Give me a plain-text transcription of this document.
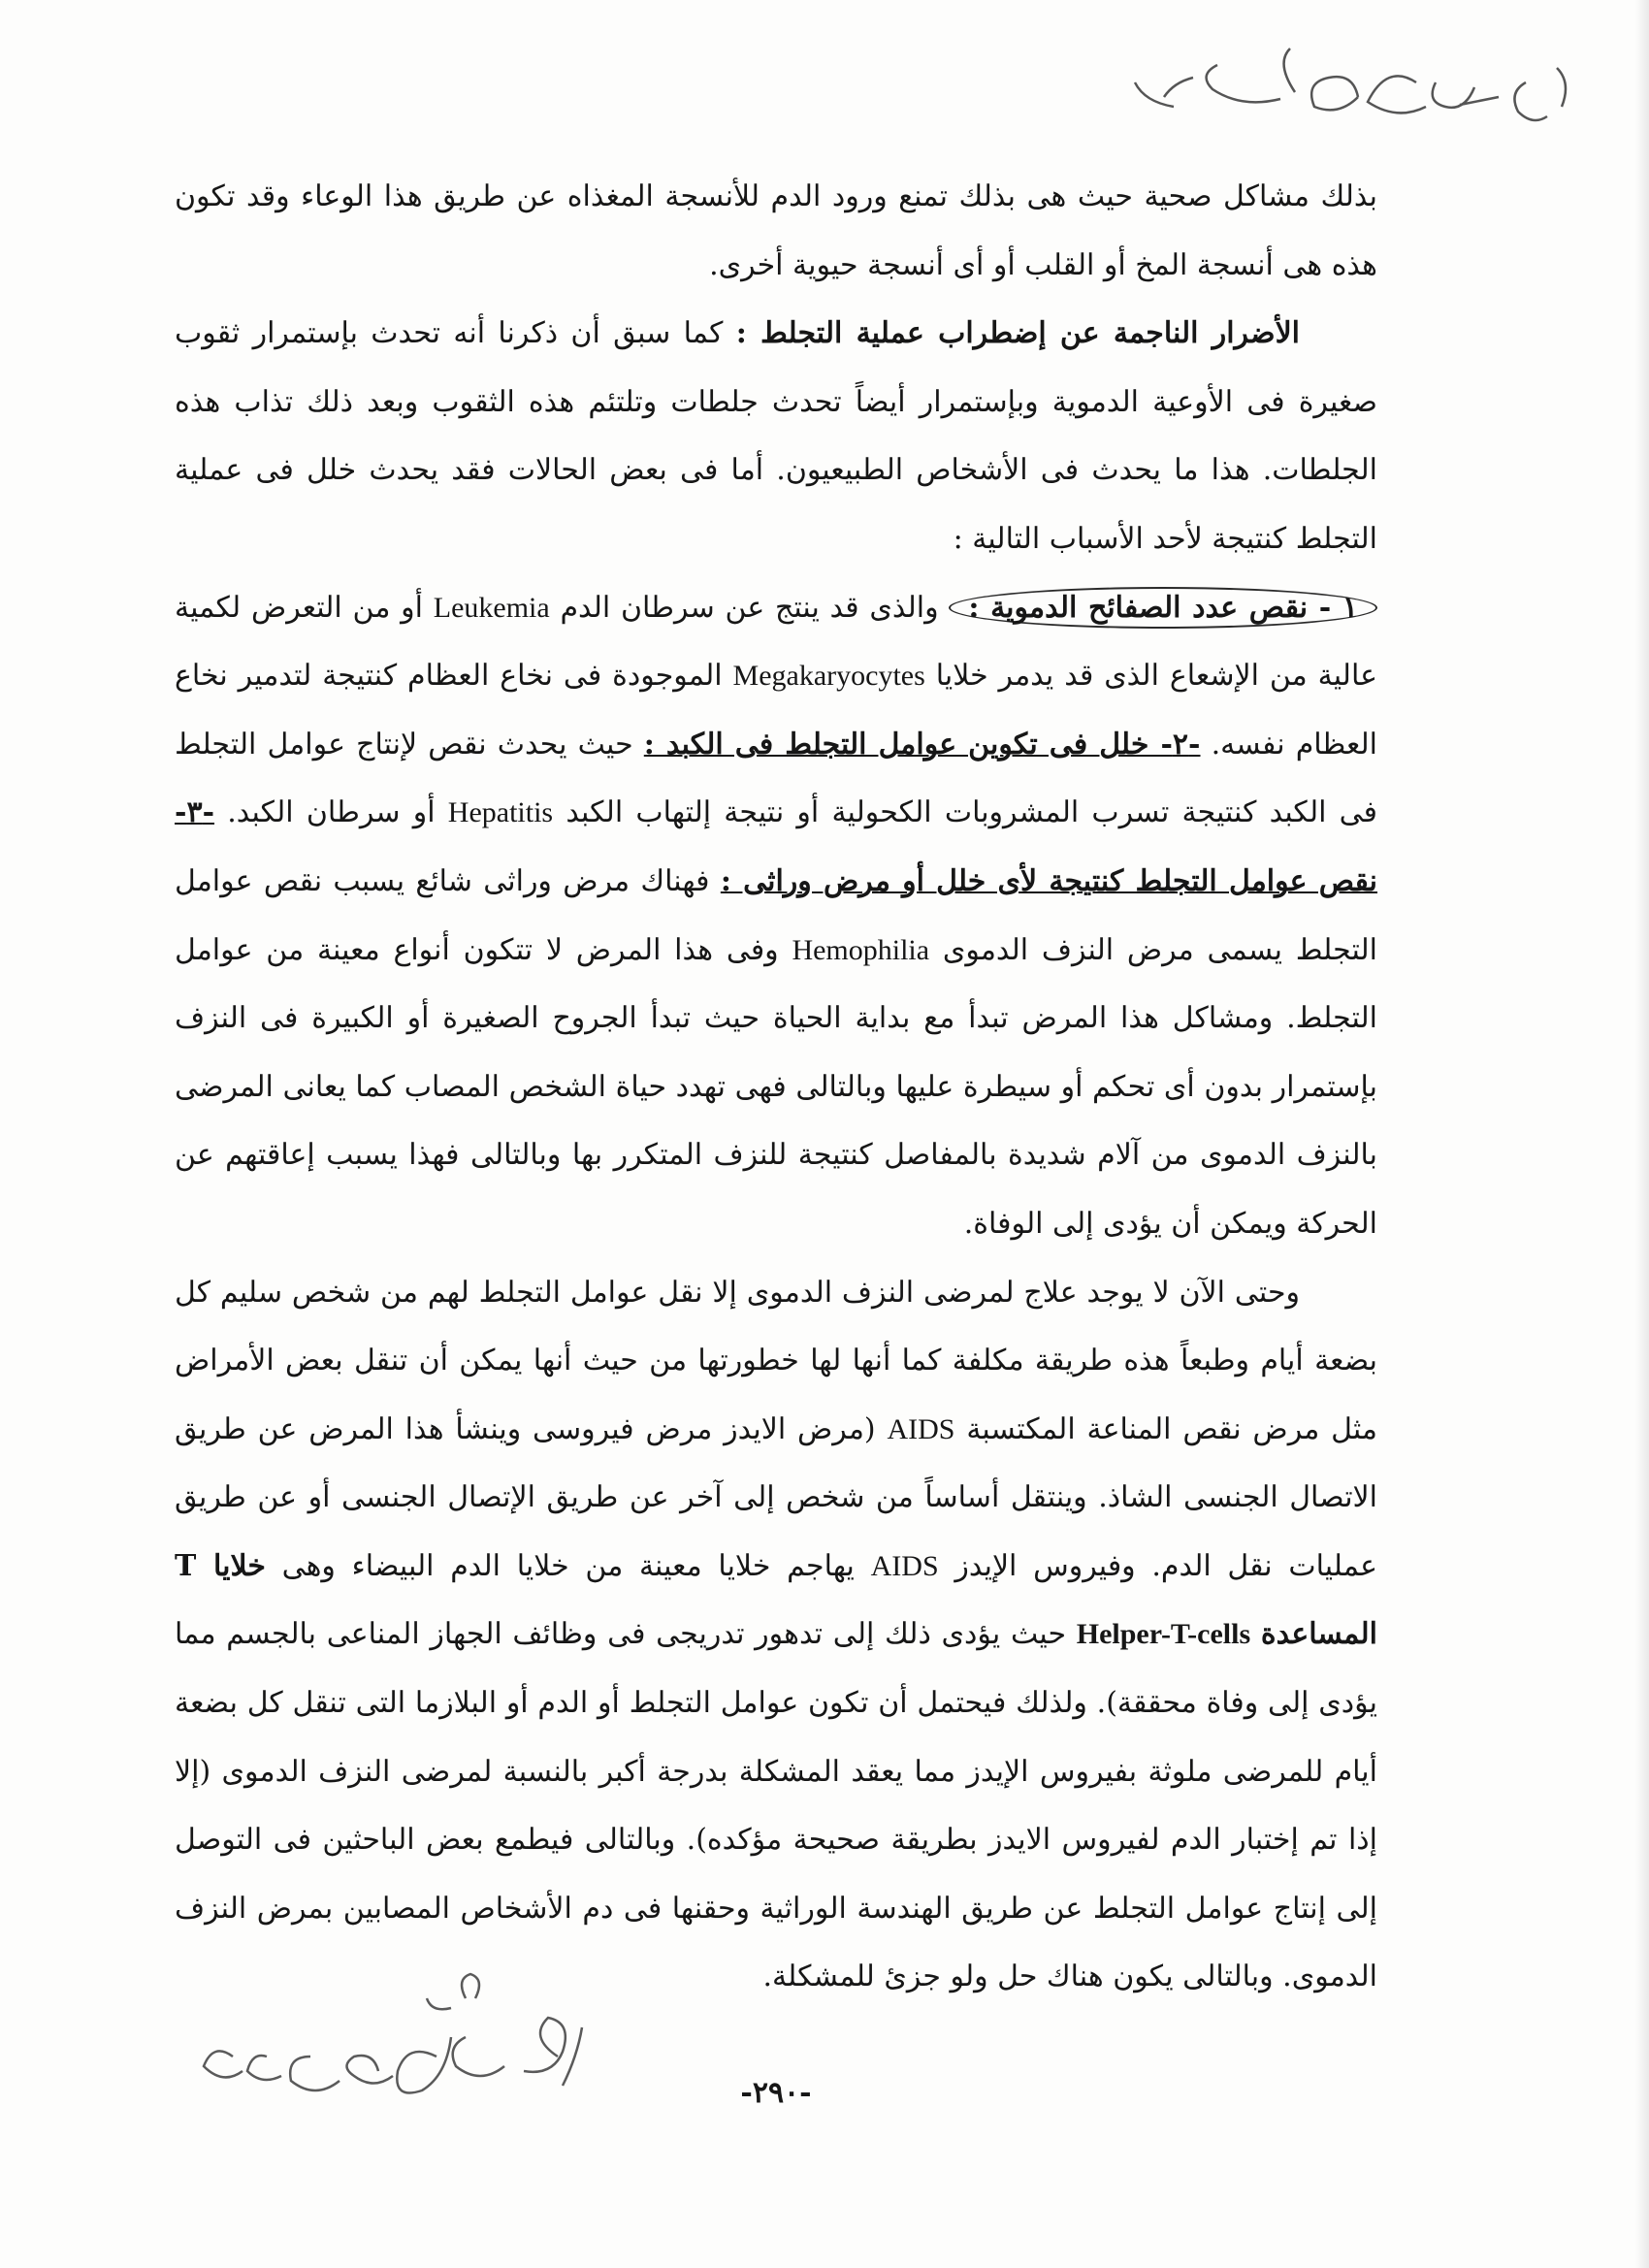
بذلك مشاكل صحية حيث هى بذلك تمنع ورود الدم للأنسجة المغذاه عن طريق هذا الوعاء وقد تكون هذه هى أنسجة المخ أو القلب أو أى أنسجة حيوية أخرى.

الأضرار الناجمة عن إضطراب عملية التجلط : كما سبق أن ذكرنا أنه تحدث بإستمرار ثقوب صغيرة فى الأوعية الدموية وبإستمرار أيضاً تحدث جلطات وتلتئم هذه الثقوب وبعد ذلك تذاب هذه الجلطات. هذا ما يحدث فى الأشخاص الطبيعيون. أما فى بعض الحالات فقد يحدث خلل فى عملية التجلط كنتيجة لأحد الأسباب التالية :

١ - نقص عدد الصفائح الدموية : والذى قد ينتج عن سرطان الدم Leukemia أو من التعرض لكمية عالية من الإشعاع الذى قد يدمر خلايا Megakaryocytes الموجودة فى نخاع العظام كنتيجة لتدمير نخاع العظام نفسه. -٢- خلل فى تكوين عوامل التجلط فى الكبد : حيث يحدث نقص لإنتاج عوامل التجلط فى الكبد كنتيجة تسرب المشروبات الكحولية أو نتيجة إلتهاب الكبد Hepatitis أو سرطان الكبد. -٣- نقص عوامل التجلط كنتيجة لأى خلل أو مرض وراثى : فهناك مرض وراثى شائع يسبب نقص عوامل التجلط يسمى مرض النزف الدموى Hemophilia وفى هذا المرض لا تتكون أنواع معينة من عوامل التجلط. ومشاكل هذا المرض تبدأ مع بداية الحياة حيث تبدأ الجروح الصغيرة أو الكبيرة فى النزف بإستمرار بدون أى تحكم أو سيطرة عليها وبالتالى فهى تهدد حياة الشخص المصاب كما يعانى المرضى بالنزف الدموى من آلام شديدة بالمفاصل كنتيجة للنزف المتكرر بها وبالتالى فهذا يسبب إعاقتهم عن الحركة ويمكن أن يؤدى إلى الوفاة.

وحتى الآن لا يوجد علاج لمرضى النزف الدموى إلا نقل عوامل التجلط لهم من شخص سليم كل بضعة أيام وطبعاً هذه طريقة مكلفة كما أنها لها خطورتها من حيث أنها يمكن أن تنقل بعض الأمراض مثل مرض نقص المناعة المكتسبة AIDS (مرض الايدز مرض فيروسى وينشأ هذا المرض عن طريق الاتصال الجنسى الشاذ. وينتقل أساساً من شخص إلى آخر عن طريق الإتصال الجنسى أو عن طريق عمليات نقل الدم. وفيروس الإيدز AIDS يهاجم خلايا معينة من خلايا الدم البيضاء وهى خلايا T المساعدة Helper-T-cells حيث يؤدى ذلك إلى تدهور تدريجى فى وظائف الجهاز المناعى بالجسم مما يؤدى إلى وفاة محققة). ولذلك فيحتمل أن تكون عوامل التجلط أو الدم أو البلازما التى تنقل كل بضعة أيام للمرضى ملوثة بفيروس الإيدز مما يعقد المشكلة بدرجة أكبر بالنسبة لمرضى النزف الدموى (إلا إذا تم إختبار الدم لفيروس الايدز بطريقة صحيحة مؤكده). وبالتالى فيطمع بعض الباحثين فى التوصل إلى إنتاج عوامل التجلط عن طريق الهندسة الوراثية وحقنها فى دم الأشخاص المصابين بمرض النزف الدموى. وبالتالى يكون هناك حل ولو جزئ للمشكلة.

-٢٩٠-
